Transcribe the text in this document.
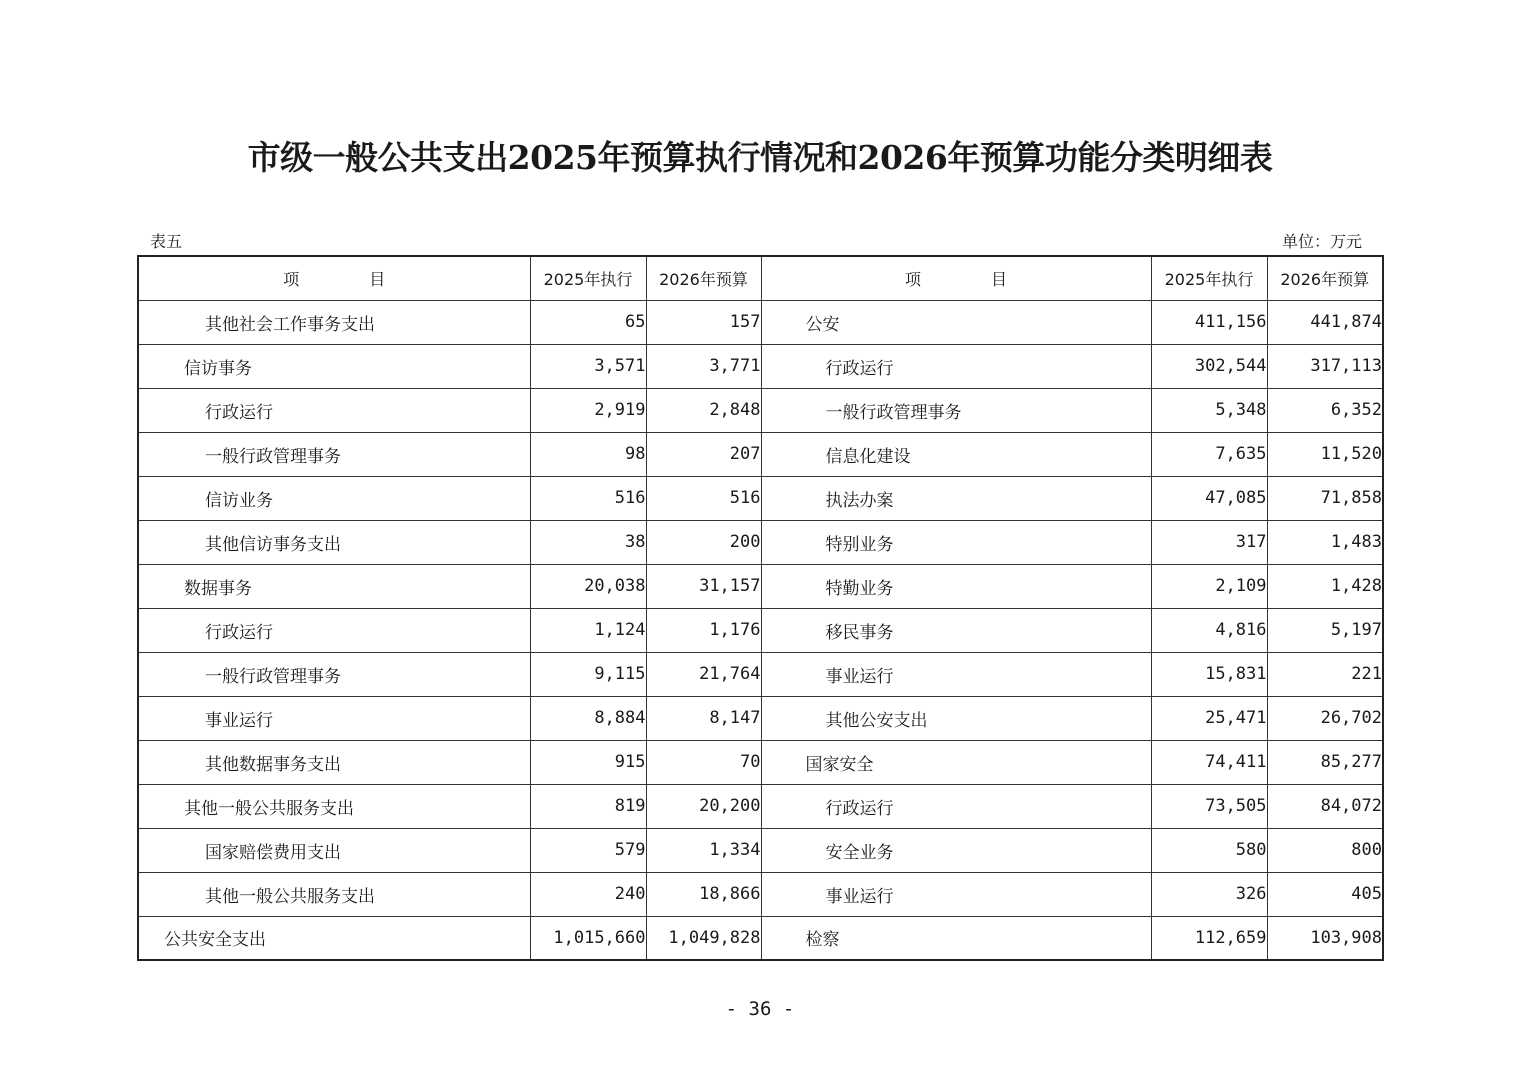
市级一般公共支出2025年预算执行情况和2026年预算功能分类明细表
表五	单位：万元
项 目	2025年执行	2026年预算	项 目	2025年执行	2026年预算
其他社会工作事务支出	65	157	公安	411,156	441,874
信访事务	3,571	3,771	行政运行	302,544	317,113
行政运行	2,919	2,848	一般行政管理事务	5,348	6,352
一般行政管理事务	98	207	信息化建设	7,635	11,520
信访业务	516	516	执法办案	47,085	71,858
其他信访事务支出	38	200	特别业务	317	1,483
数据事务	20,038	31,157	特勤业务	2,109	1,428
行政运行	1,124	1,176	移民事务	4,816	5,197
一般行政管理事务	9,115	21,764	事业运行	15,831	221
事业运行	8,884	8,147	其他公安支出	25,471	26,702
其他数据事务支出	915	70	国家安全	74,411	85,277
其他一般公共服务支出	819	20,200	行政运行	73,505	84,072
国家赔偿费用支出	579	1,334	安全业务	580	800
其他一般公共服务支出	240	18,866	事业运行	326	405
公共安全支出	1,015,660	1,049,828	检察	112,659	103,908
- 36 -
